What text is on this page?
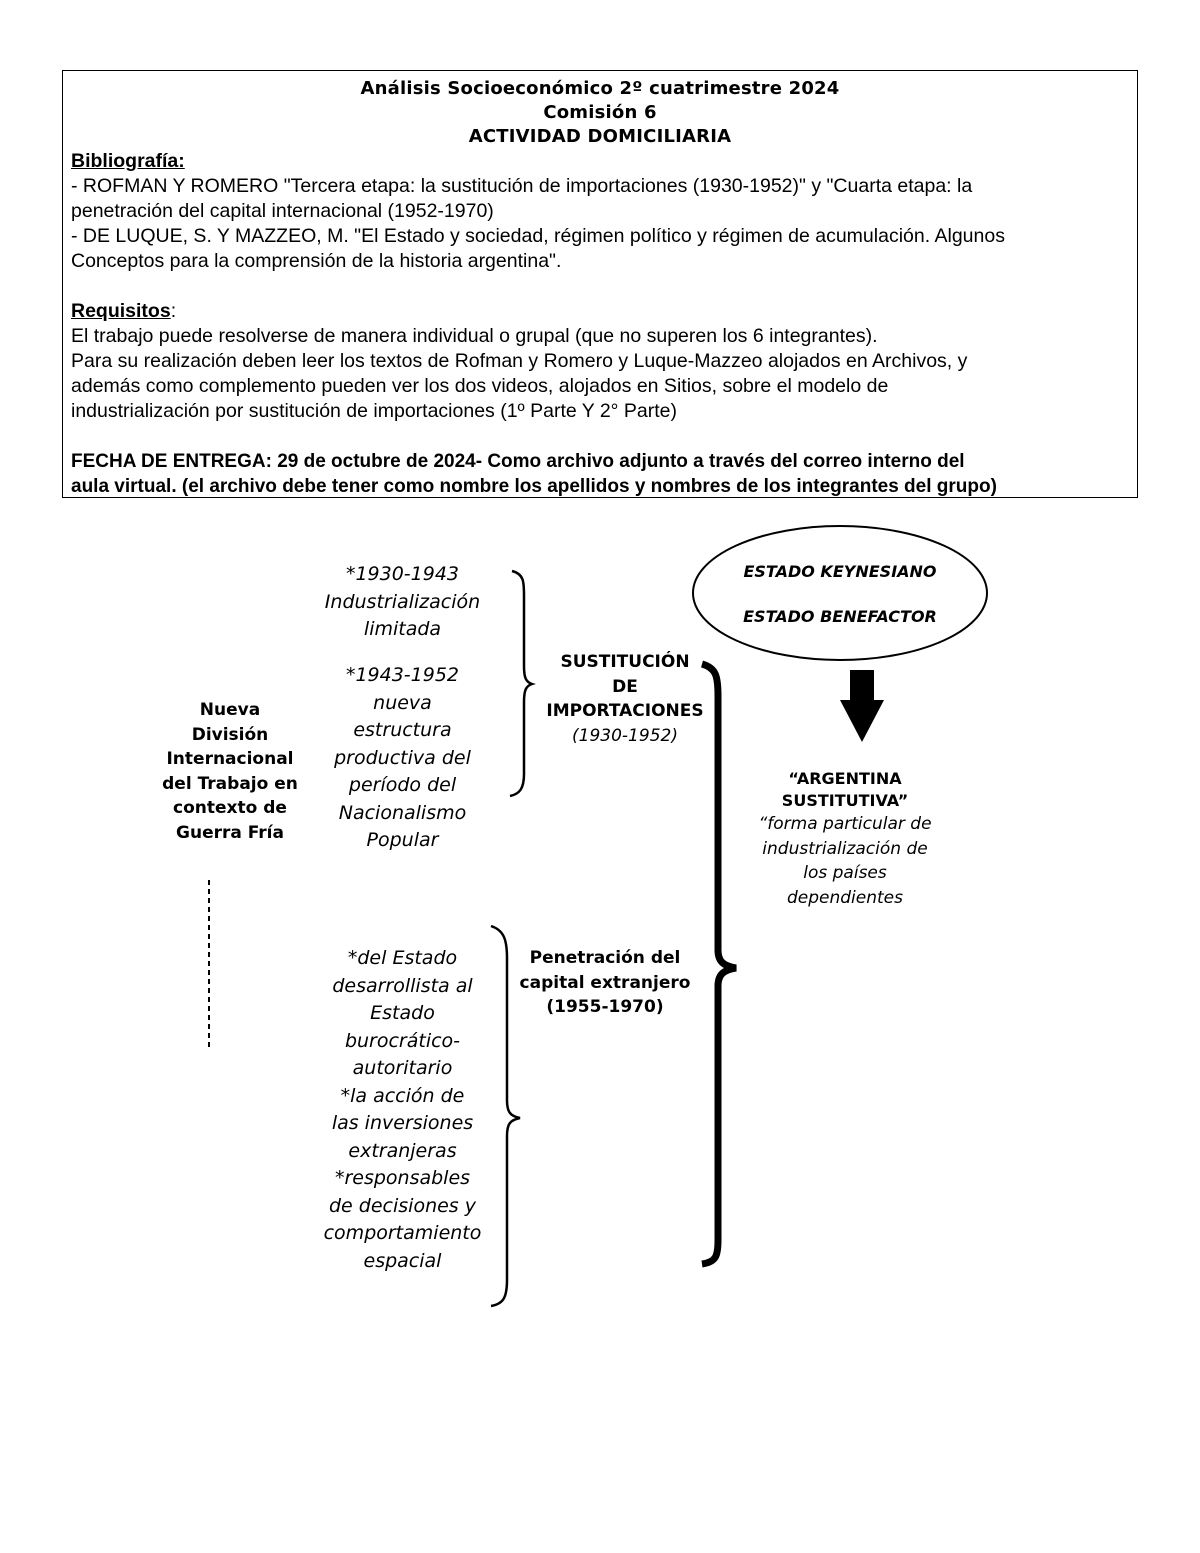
Análisis Socioeconómico 2º cuatrimestre 2024
Comisión 6
ACTIVIDAD DOMICILIARIA
Bibliografía:
- ROFMAN Y ROMERO "Tercera etapa: la sustitución de importaciones (1930-1952)" y "Cuarta etapa: la
penetración del capital internacional (1952-1970)
- DE LUQUE, S. Y MAZZEO, M. "El Estado y sociedad, régimen político y régimen de acumulación. Algunos
Conceptos para la comprensión de la historia argentina".
Requisitos:
El trabajo puede resolverse de manera individual o grupal (que no superen los 6 integrantes).
Para su realización deben leer los textos de Rofman y Romero y Luque-Mazzeo alojados en Archivos, y
además como complemento pueden ver los dos videos, alojados en Sitios, sobre el modelo de
industrialización por sustitución de importaciones (1º Parte Y 2° Parte)
FECHA DE ENTREGA: 29 de octubre de 2024- Como archivo adjunto a través del correo interno del
aula virtual. (el archivo debe tener como nombre los apellidos y nombres de los integrantes del grupo)
ESTADO KEYNESIANO
ESTADO BENEFACTOR
Nueva
División
Internacional
del Trabajo en
contexto de
Guerra Fría
*1930-1943
Industrialización
limitada
*1943-1952
nueva
estructura
productiva del
período del
Nacionalismo
Popular
SUSTITUCIÓN
DE
IMPORTACIONES
(1930-1952)
*del Estado
desarrollista al
Estado
burocrático-
autoritario
*la acción de
las inversiones
extranjeras
*responsables
de decisiones y
comportamiento
espacial
Penetración del
capital extranjero
(1955-1970)
“ARGENTINA
SUSTITUTIVA”
“forma particular de
industrialización de
los países
dependientes
